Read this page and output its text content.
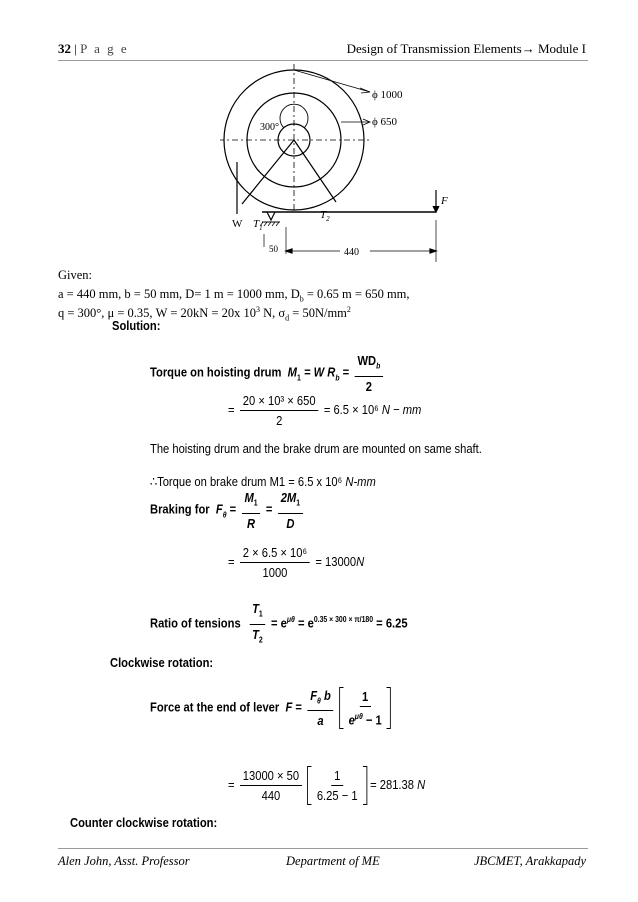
32 | P a g e	Design of Transmission Elements→ Module I
ϕ 1000
ϕ 650
300°
W $T_1$
$T_2$
F
50	440
Given:
a = 440 mm, b = 50 mm, D= 1 m = 1000 mm, $D_b = 0.65$ m = 650 mm,
q = 300°, μ = 0.35, W = 20kN = 20x $10^3$ N, $\sigma_d = 50N/mm^2$
Solution:
Torque on hoisting drum $M_1 = W$ $R_b = \frac{WD_b}{2}$
= $\frac{\text{20 × 10³ × 650}}{2} = 6.5 \times 10^6$ N − mm
The hoisting drum and the brake drum are mounted on same shaft.
∴Torque on brake drum M1 = 6.5 x 10⁶ N-mm
Braking for $F_\theta = \frac{M_1}{R} = \frac{2M_1}{D}$
= $\frac{\text{2 × 6.5 × 10⁶}}{1000} = 13000N$
Ratio of tensions $\frac{T_1}{T_2} = e^{\mu\theta} = e^{0.35 \times 300 \times \pi/180} = 6.25$
Clockwise rotation:
Force at the end of lever $F = \frac{F_\theta b}{a}$
$\frac{1}{e^{\mu\theta} - 1}$
= $\frac{13000 \times 50}{440}$
$\frac{1}{6.25 - 1} = 281.38$ N
Counter clockwise rotation:
Alen John, Asst. Professor	Department of ME	JBCMET, Arakkapady
